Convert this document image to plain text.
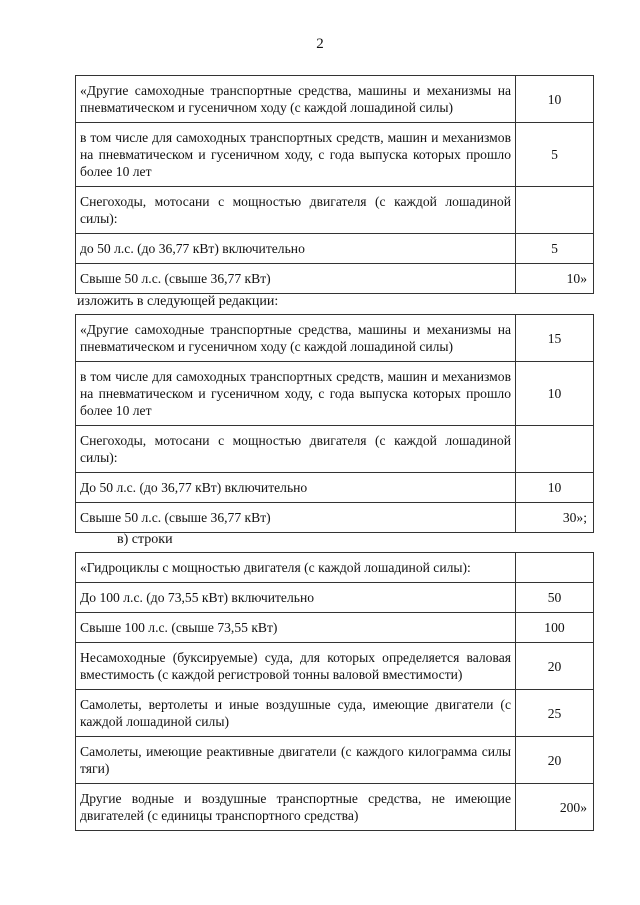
2
«Другие самоходные транспортные средства, машины и механизмы на пневматическом и гусеничном ходу (с каждой лошадиной силы)	10
в том числе для самоходных транспортных средств, машин и механизмов на пневматическом и гусеничном ходу, с года выпуска которых прошло более 10 лет	5
Снегоходы, мотосани с мощностью двигателя (с каждой лошадиной силы):	
до 50 л.с. (до 36,77 кВт) включительно	5
Свыше 50 л.с. (свыше 36,77 кВт)	10»
изложить в следующей редакции:
«Другие самоходные транспортные средства, машины и механизмы на пневматическом и гусеничном ходу (с каждой лошадиной силы)	15
в том числе для самоходных транспортных средств, машин и механизмов на пневматическом и гусеничном ходу, с года выпуска которых прошло более 10 лет	10
Снегоходы, мотосани с мощностью двигателя (с каждой лошадиной силы):	
До 50 л.с. (до 36,77 кВт) включительно	10
Свыше 50 л.с. (свыше 36,77 кВт)	30»;
в) строки
«Гидроциклы с мощностью двигателя (с каждой лошадиной силы):	
До 100 л.с. (до 73,55 кВт) включительно	50
Свыше 100 л.с. (свыше 73,55 кВт)	100
Несамоходные (буксируемые) суда, для которых определяется валовая вместимость (с каждой регистровой тонны валовой вместимости)	20
Самолеты, вертолеты и иные воздушные суда, имеющие двигатели (с каждой лошадиной силы)	25
Самолеты, имеющие реактивные двигатели (с каждого килограмма силы тяги)	20
Другие водные и воздушные транспортные средства, не имеющие двигателей (с единицы транспортного средства)	200»
